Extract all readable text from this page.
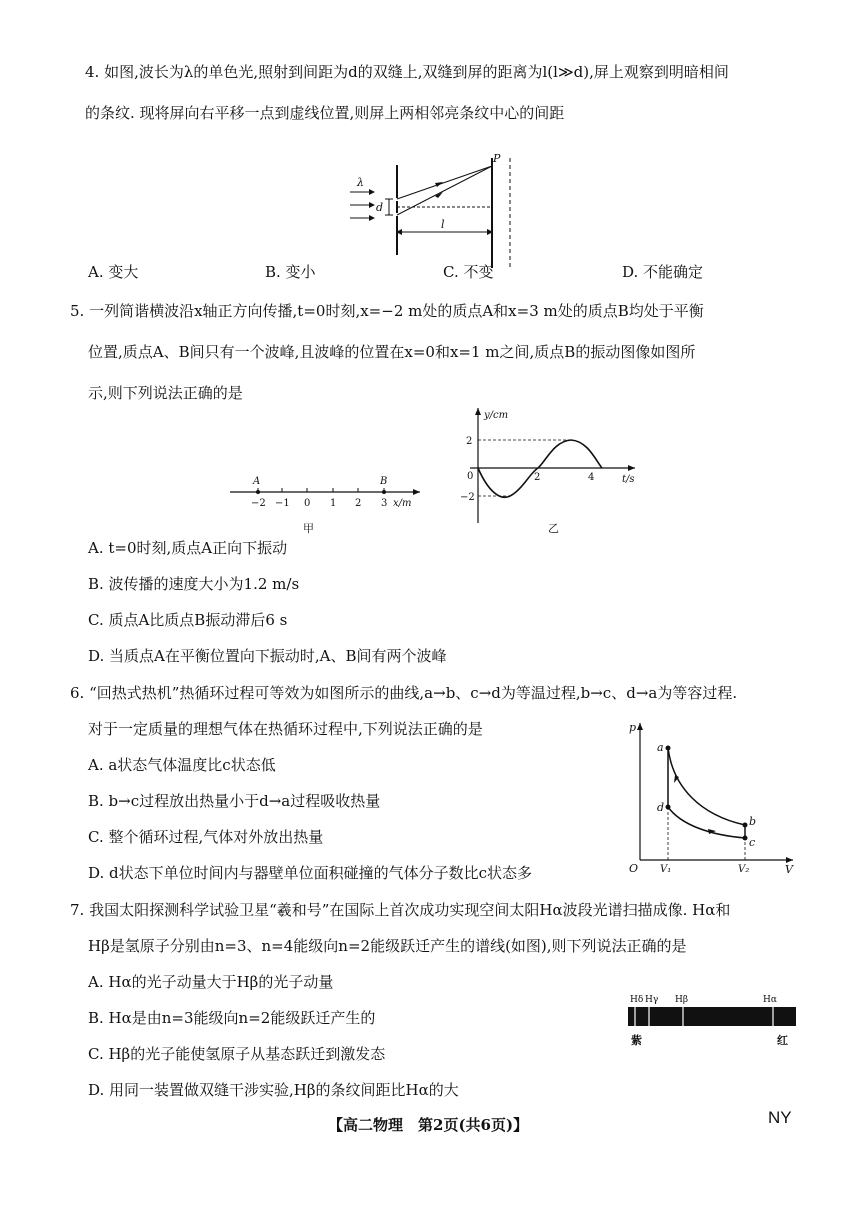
4. 如图,波长为λ的单色光,照射到间距为d的双缝上,双缝到屏的距离为l(l≫d),屏上观察到明暗相间
的条纹. 现将屏向右平移一点到虚线位置,则屏上两相邻亮条纹中心的间距
λ
d
P
l
A. 变大	B. 变小	C. 不变	D. 不能确定
5. 一列简谐横波沿x轴正方向传播,t=0时刻,x=−2 m处的质点A和x=3 m处的质点B均处于平衡
位置,质点A、B间只有一个波峰,且波峰的位置在x=0和x=1 m之间,质点B的振动图像如图所
示,则下列说法正确的是
A	B
−2 −1 0 1 2 3 x/m
甲
y/cm
2
−2
0	2	4	t/s
乙
A. t=0时刻,质点A正向下振动
B. 波传播的速度大小为1.2 m/s
C. 质点A比质点B振动滞后6 s
D. 当质点A在平衡位置向下振动时,A、B间有两个波峰
6. “回热式热机”热循环过程可等效为如图所示的曲线,a→b、c→d为等温过程,b→c、d→a为等容过程.
对于一定质量的理想气体在热循环过程中,下列说法正确的是	p
V
O V₁	V₂
a
d
b
c
A. a状态气体温度比c状态低
B. b→c过程放出热量小于d→a过程吸收热量
C. 整个循环过程,气体对外放出热量
D. d状态下单位时间内与器壁单位面积碰撞的气体分子数比c状态多
7. 我国太阳探测科学试验卫星“羲和号”在国际上首次成功实现空间太阳Hα波段光谱扫描成像. Hα和
Hβ是氢原子分别由n=3、n=4能级向n=2能级跃迁产生的谱线(如图),则下列说法正确的是
Hδ Hγ Hβ	Hα
紫	红
A. Hα的光子动量大于Hβ的光子动量
B. Hα是由n=3能级向n=2能级跃迁产生的
C. Hβ的光子能使氢原子从基态跃迁到激发态
D. 用同一装置做双缝干涉实验,Hβ的条纹间距比Hα的大
【高二物理　第2页(共6页)】	NY
